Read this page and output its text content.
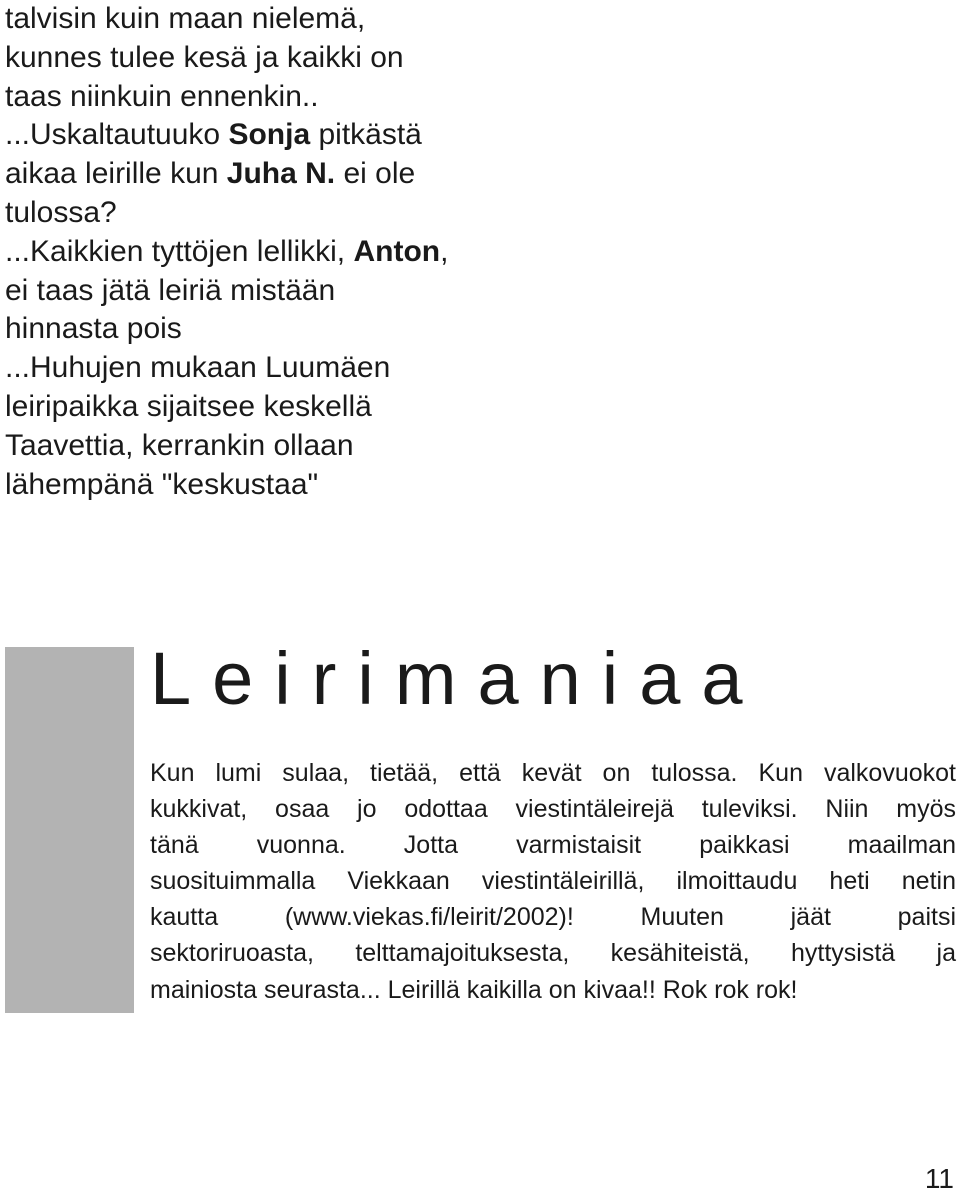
talvisin kuin maan nielemä,

kunnes tulee kesä ja kaikki on

taas niinkuin ennenkin..

...Uskaltautuuko Sonja pitkästä

aikaa leirille kun Juha N. ei ole

tulossa?

...Kaikkien tyttöjen lellikki, Anton,

ei taas jätä leiriä mistään

hinnasta pois

...Huhujen mukaan Luumäen

leiripaikka sijaitsee keskellä

Taavettia, kerrankin ollaan

lähempänä "keskustaa"

Leirimaniaa

Kun lumi sulaa, tietää, että kevät on tulossa. Kun valkovuokot

kukkivat, osaa jo odottaa viestintäleirejä tuleviksi. Niin myös

tänä vuonna. Jotta varmistaisit paikkasi maailman

suosituimmalla Viekkaan viestintäleirillä, ilmoittaudu heti netin

kautta (www.viekas.fi/leirit/2002)! Muuten jäät paitsi

sektoriruoasta, telttamajoituksesta, kesähiteistä, hyttysistä ja

mainiosta seurasta... Leirillä kaikilla on kivaa!! Rok rok rok!

11
